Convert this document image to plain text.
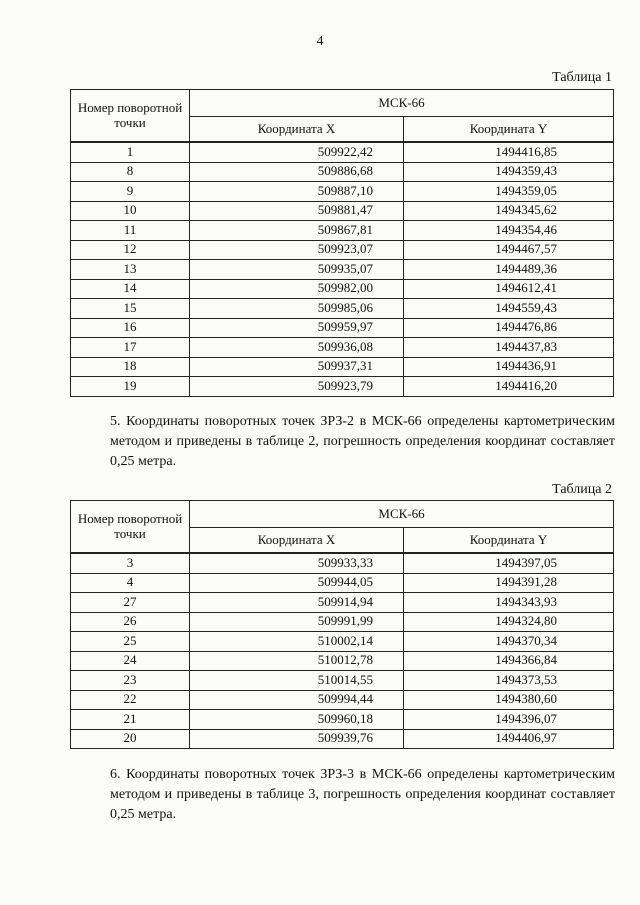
4
Таблица 1
Номер поворотной точки	МСК-66	
	Координата X	Координата Y
1	509922,42	1494416,85
8	509886,68	1494359,43
9	509887,10	1494359,05
10	509881,47	1494345,62
11	509867,81	1494354,46
12	509923,07	1494467,57
13	509935,07	1494489,36
14	509982,00	1494612,41
15	509985,06	1494559,43
16	509959,97	1494476,86
17	509936,08	1494437,83
18	509937,31	1494436,91
19	509923,79	1494416,20
5. Координаты поворотных точек ЗРЗ-2 в МСК-66 определены картометрическим методом и приведены в таблице 2, погрешность определения координат составляет 0,25 метра.
Таблица 2
Номер поворотной точки	МСК-66	
	Координата X	Координата Y
3	509933,33	1494397,05
4	509944,05	1494391,28
27	509914,94	1494343,93
26	509991,99	1494324,80
25	510002,14	1494370,34
24	510012,78	1494366,84
23	510014,55	1494373,53
22	509994,44	1494380,60
21	509960,18	1494396,07
20	509939,76	1494406,97
6. Координаты поворотных точек ЗРЗ-3 в МСК-66 определены картометрическим методом и приведены в таблице 3, погрешность определения координат составляет 0,25 метра.
